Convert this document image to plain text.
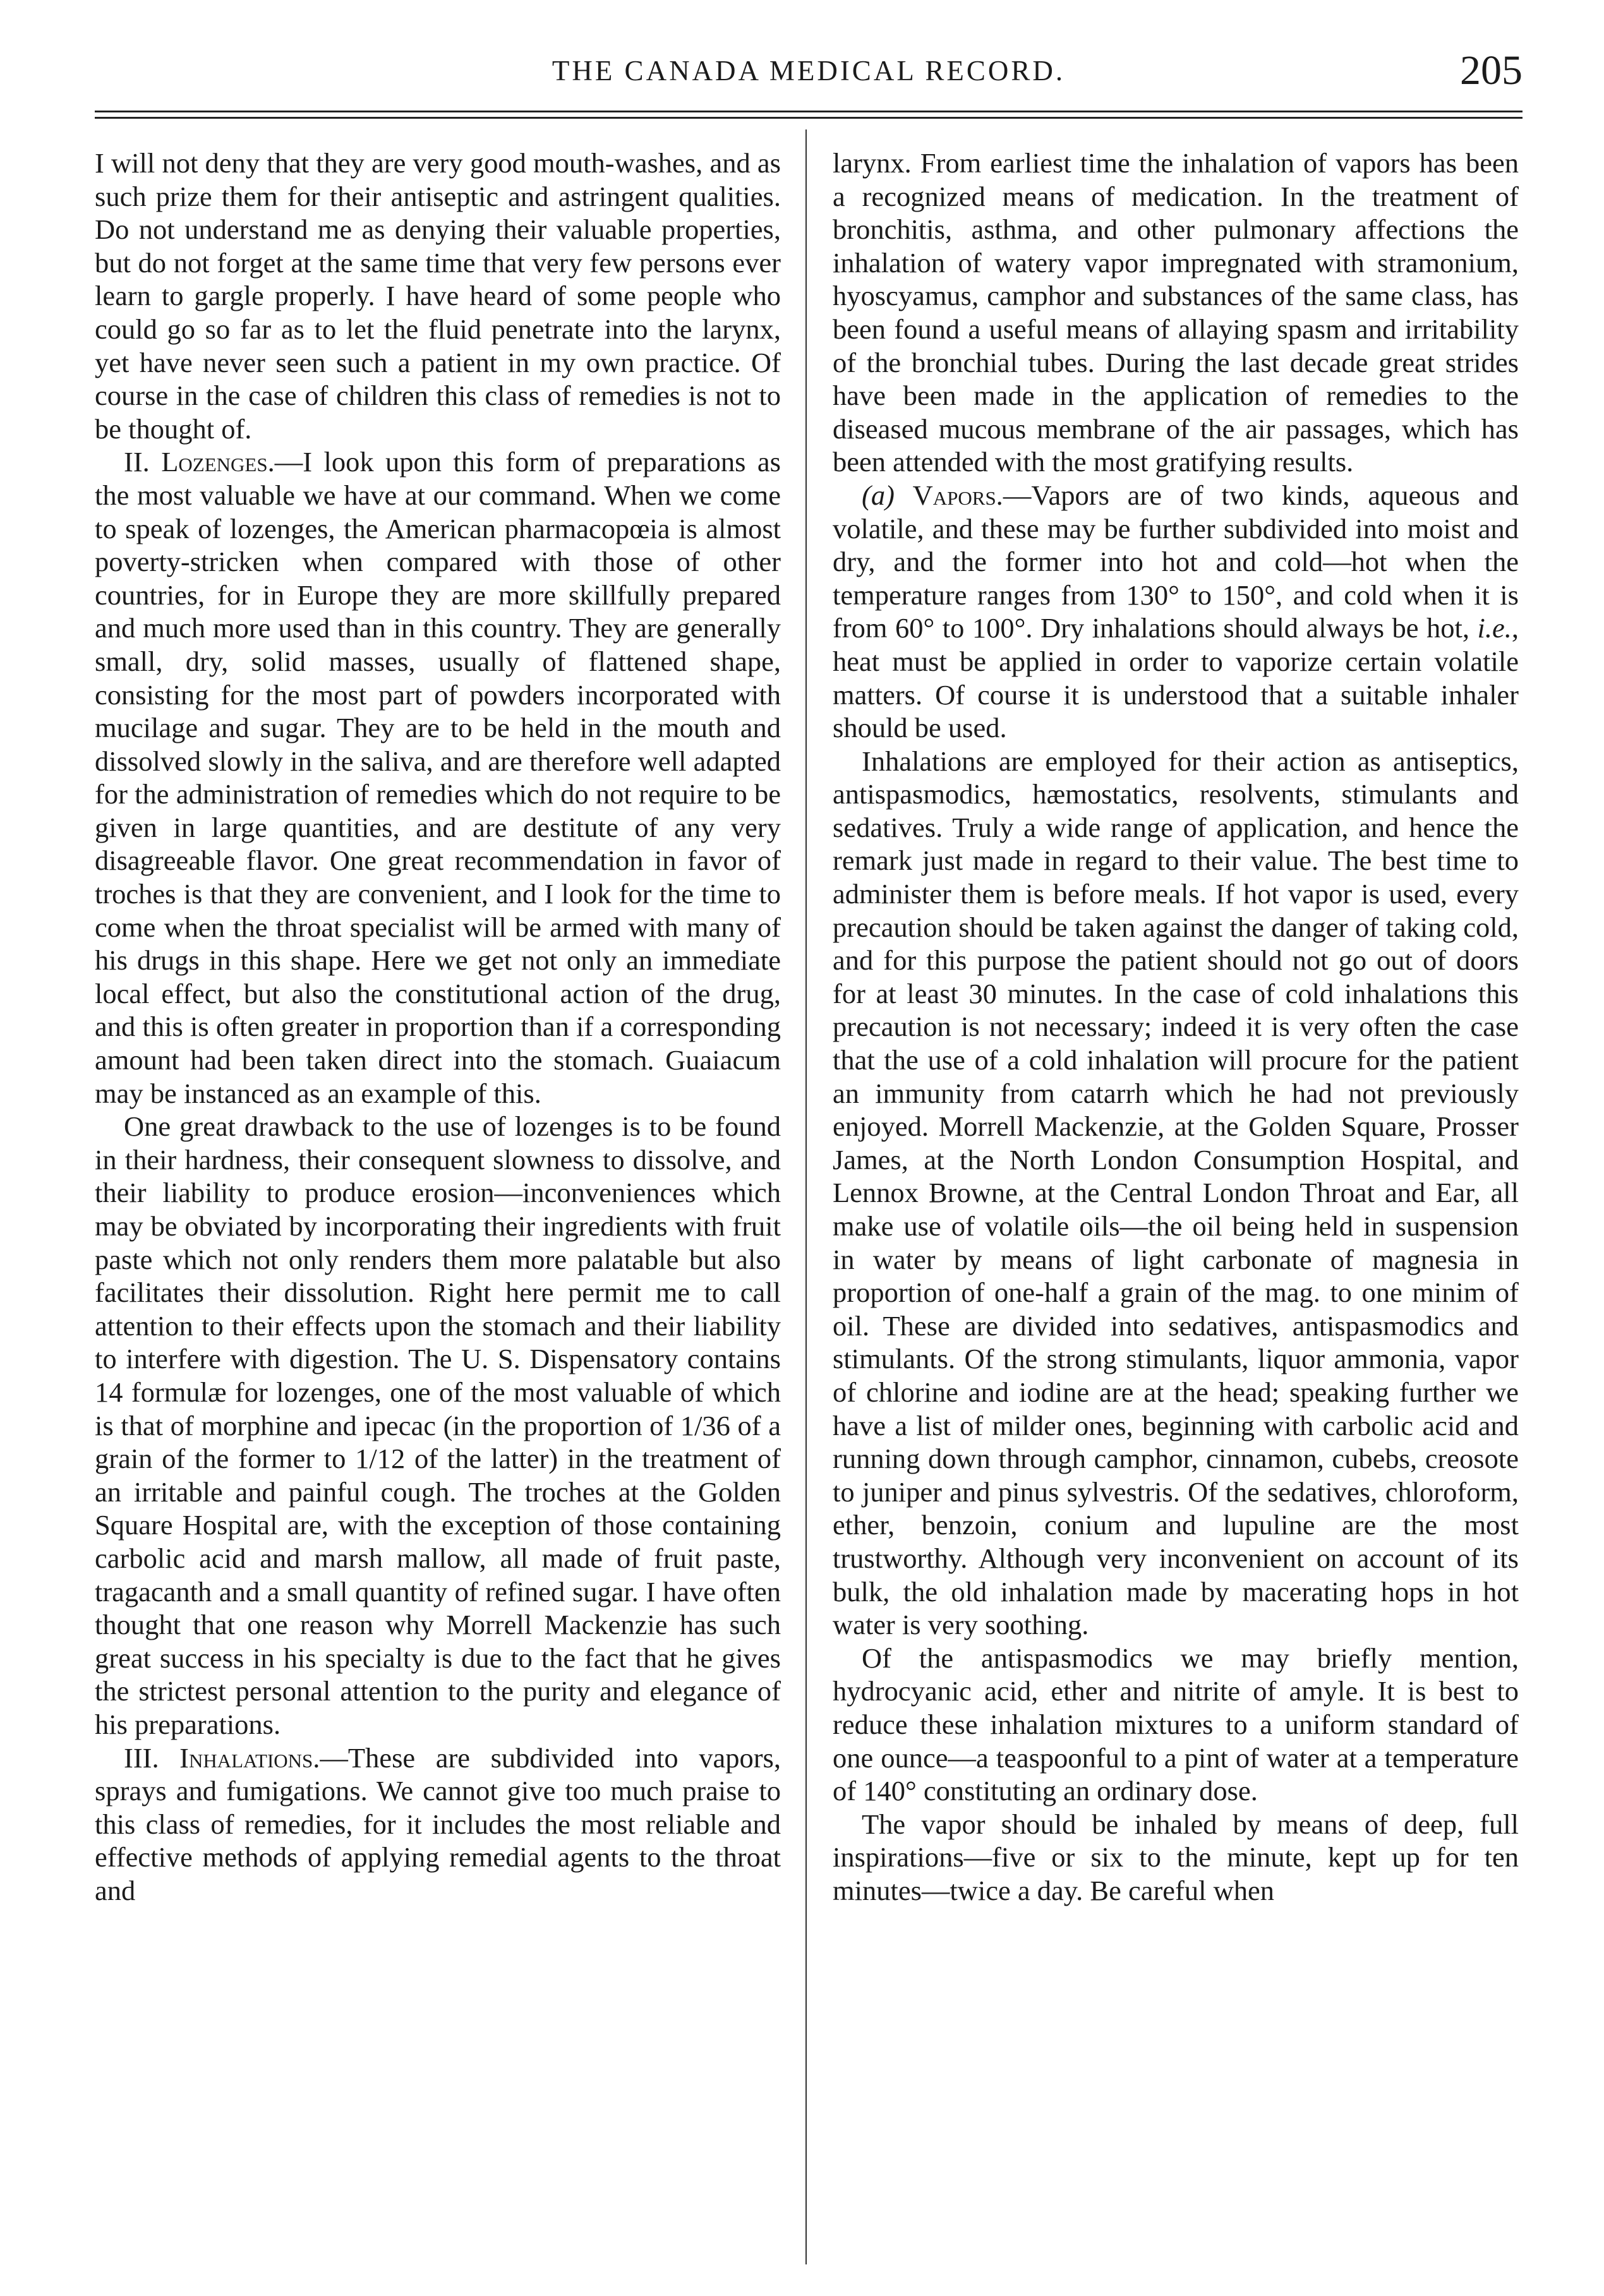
THE CANADA MEDICAL RECORD.	205

I will not deny that they are very good mouth-washes, and as such prize them for their antiseptic and astringent qualities. Do not understand me as denying their valuable properties, but do not forget at the same time that very few persons ever learn to gargle properly. I have heard of some people who could go so far as to let the fluid penetrate into the larynx, yet have never seen such a patient in my own practice. Of course in the case of children this class of remedies is not to be thought of.

II. Lozenges.—I look upon this form of preparations as the most valuable we have at our command. When we come to speak of lozenges, the American pharmacopœia is almost poverty-stricken when compared with those of other countries, for in Europe they are more skillfully prepared and much more used than in this country. They are generally small, dry, solid masses, usually of flattened shape, consisting for the most part of powders incorporated with mucilage and sugar. They are to be held in the mouth and dissolved slowly in the saliva, and are therefore well adapted for the administration of remedies which do not require to be given in large quantities, and are destitute of any very disagreeable flavor. One great recommendation in favor of troches is that they are convenient, and I look for the time to come when the throat specialist will be armed with many of his drugs in this shape. Here we get not only an immediate local effect, but also the constitutional action of the drug, and this is often greater in proportion than if a corresponding amount had been taken direct into the stomach. Guaiacum may be instanced as an example of this.

One great drawback to the use of lozenges is to be found in their hardness, their consequent slowness to dissolve, and their liability to produce erosion—inconveniences which may be obviated by incorporating their ingredients with fruit paste which not only renders them more palatable but also facilitates their dissolution. Right here permit me to call attention to their effects upon the stomach and their liability to interfere with digestion. The U. S. Dispensatory contains 14 formulæ for lozenges, one of the most valuable of which is that of morphine and ipecac (in the proportion of 1/36 of a grain of the former to 1/12 of the latter) in the treatment of an irritable and painful cough. The troches at the Golden Square Hospital are, with the exception of those containing carbolic acid and marsh mallow, all made of fruit paste, tragacanth and a small quantity of refined sugar. I have often thought that one reason why Morrell Mackenzie has such great success in his specialty is due to the fact that he gives the strictest personal attention to the purity and elegance of his preparations.

III. Inhalations.—These are subdivided into vapors, sprays and fumigations. We cannot give too much praise to this class of remedies, for it includes the most reliable and effective methods of applying remedial agents to the throat and

larynx. From earliest time the inhalation of vapors has been a recognized means of medication. In the treatment of bronchitis, asthma, and other pulmonary affections the inhalation of watery vapor impregnated with stramonium, hyoscyamus, camphor and substances of the same class, has been found a useful means of allaying spasm and irritability of the bronchial tubes. During the last decade great strides have been made in the application of remedies to the diseased mucous membrane of the air passages, which has been attended with the most gratifying results.

(a) Vapors.—Vapors are of two kinds, aqueous and volatile, and these may be further subdivided into moist and dry, and the former into hot and cold—hot when the temperature ranges from 130° to 150°, and cold when it is from 60° to 100°. Dry inhalations should always be hot, i.e., heat must be applied in order to vaporize certain volatile matters. Of course it is understood that a suitable inhaler should be used.

Inhalations are employed for their action as antiseptics, antispasmodics, hæmostatics, resolvents, stimulants and sedatives. Truly a wide range of application, and hence the remark just made in regard to their value. The best time to administer them is before meals. If hot vapor is used, every precaution should be taken against the danger of taking cold, and for this purpose the patient should not go out of doors for at least 30 minutes. In the case of cold inhalations this precaution is not necessary; indeed it is very often the case that the use of a cold inhalation will procure for the patient an immunity from catarrh which he had not previously enjoyed. Morrell Mackenzie, at the Golden Square, Prosser James, at the North London Consumption Hospital, and Lennox Browne, at the Central London Throat and Ear, all make use of volatile oils—the oil being held in suspension in water by means of light carbonate of magnesia in proportion of one-half a grain of the mag. to one minim of oil. These are divided into sedatives, antispasmodics and stimulants. Of the strong stimulants, liquor ammonia, vapor of chlorine and iodine are at the head; speaking further we have a list of milder ones, beginning with carbolic acid and running down through camphor, cinnamon, cubebs, creosote to juniper and pinus sylvestris. Of the sedatives, chloroform, ether, benzoin, conium and lupuline are the most trustworthy. Although very inconvenient on account of its bulk, the old inhalation made by macerating hops in hot water is very soothing.

Of the antispasmodics we may briefly mention, hydrocyanic acid, ether and nitrite of amyle. It is best to reduce these inhalation mixtures to a uniform standard of one ounce—a teaspoonful to a pint of water at a temperature of 140° constituting an ordinary dose.

The vapor should be inhaled by means of deep, full inspirations—five or six to the minute, kept up for ten minutes—twice a day. Be careful when
